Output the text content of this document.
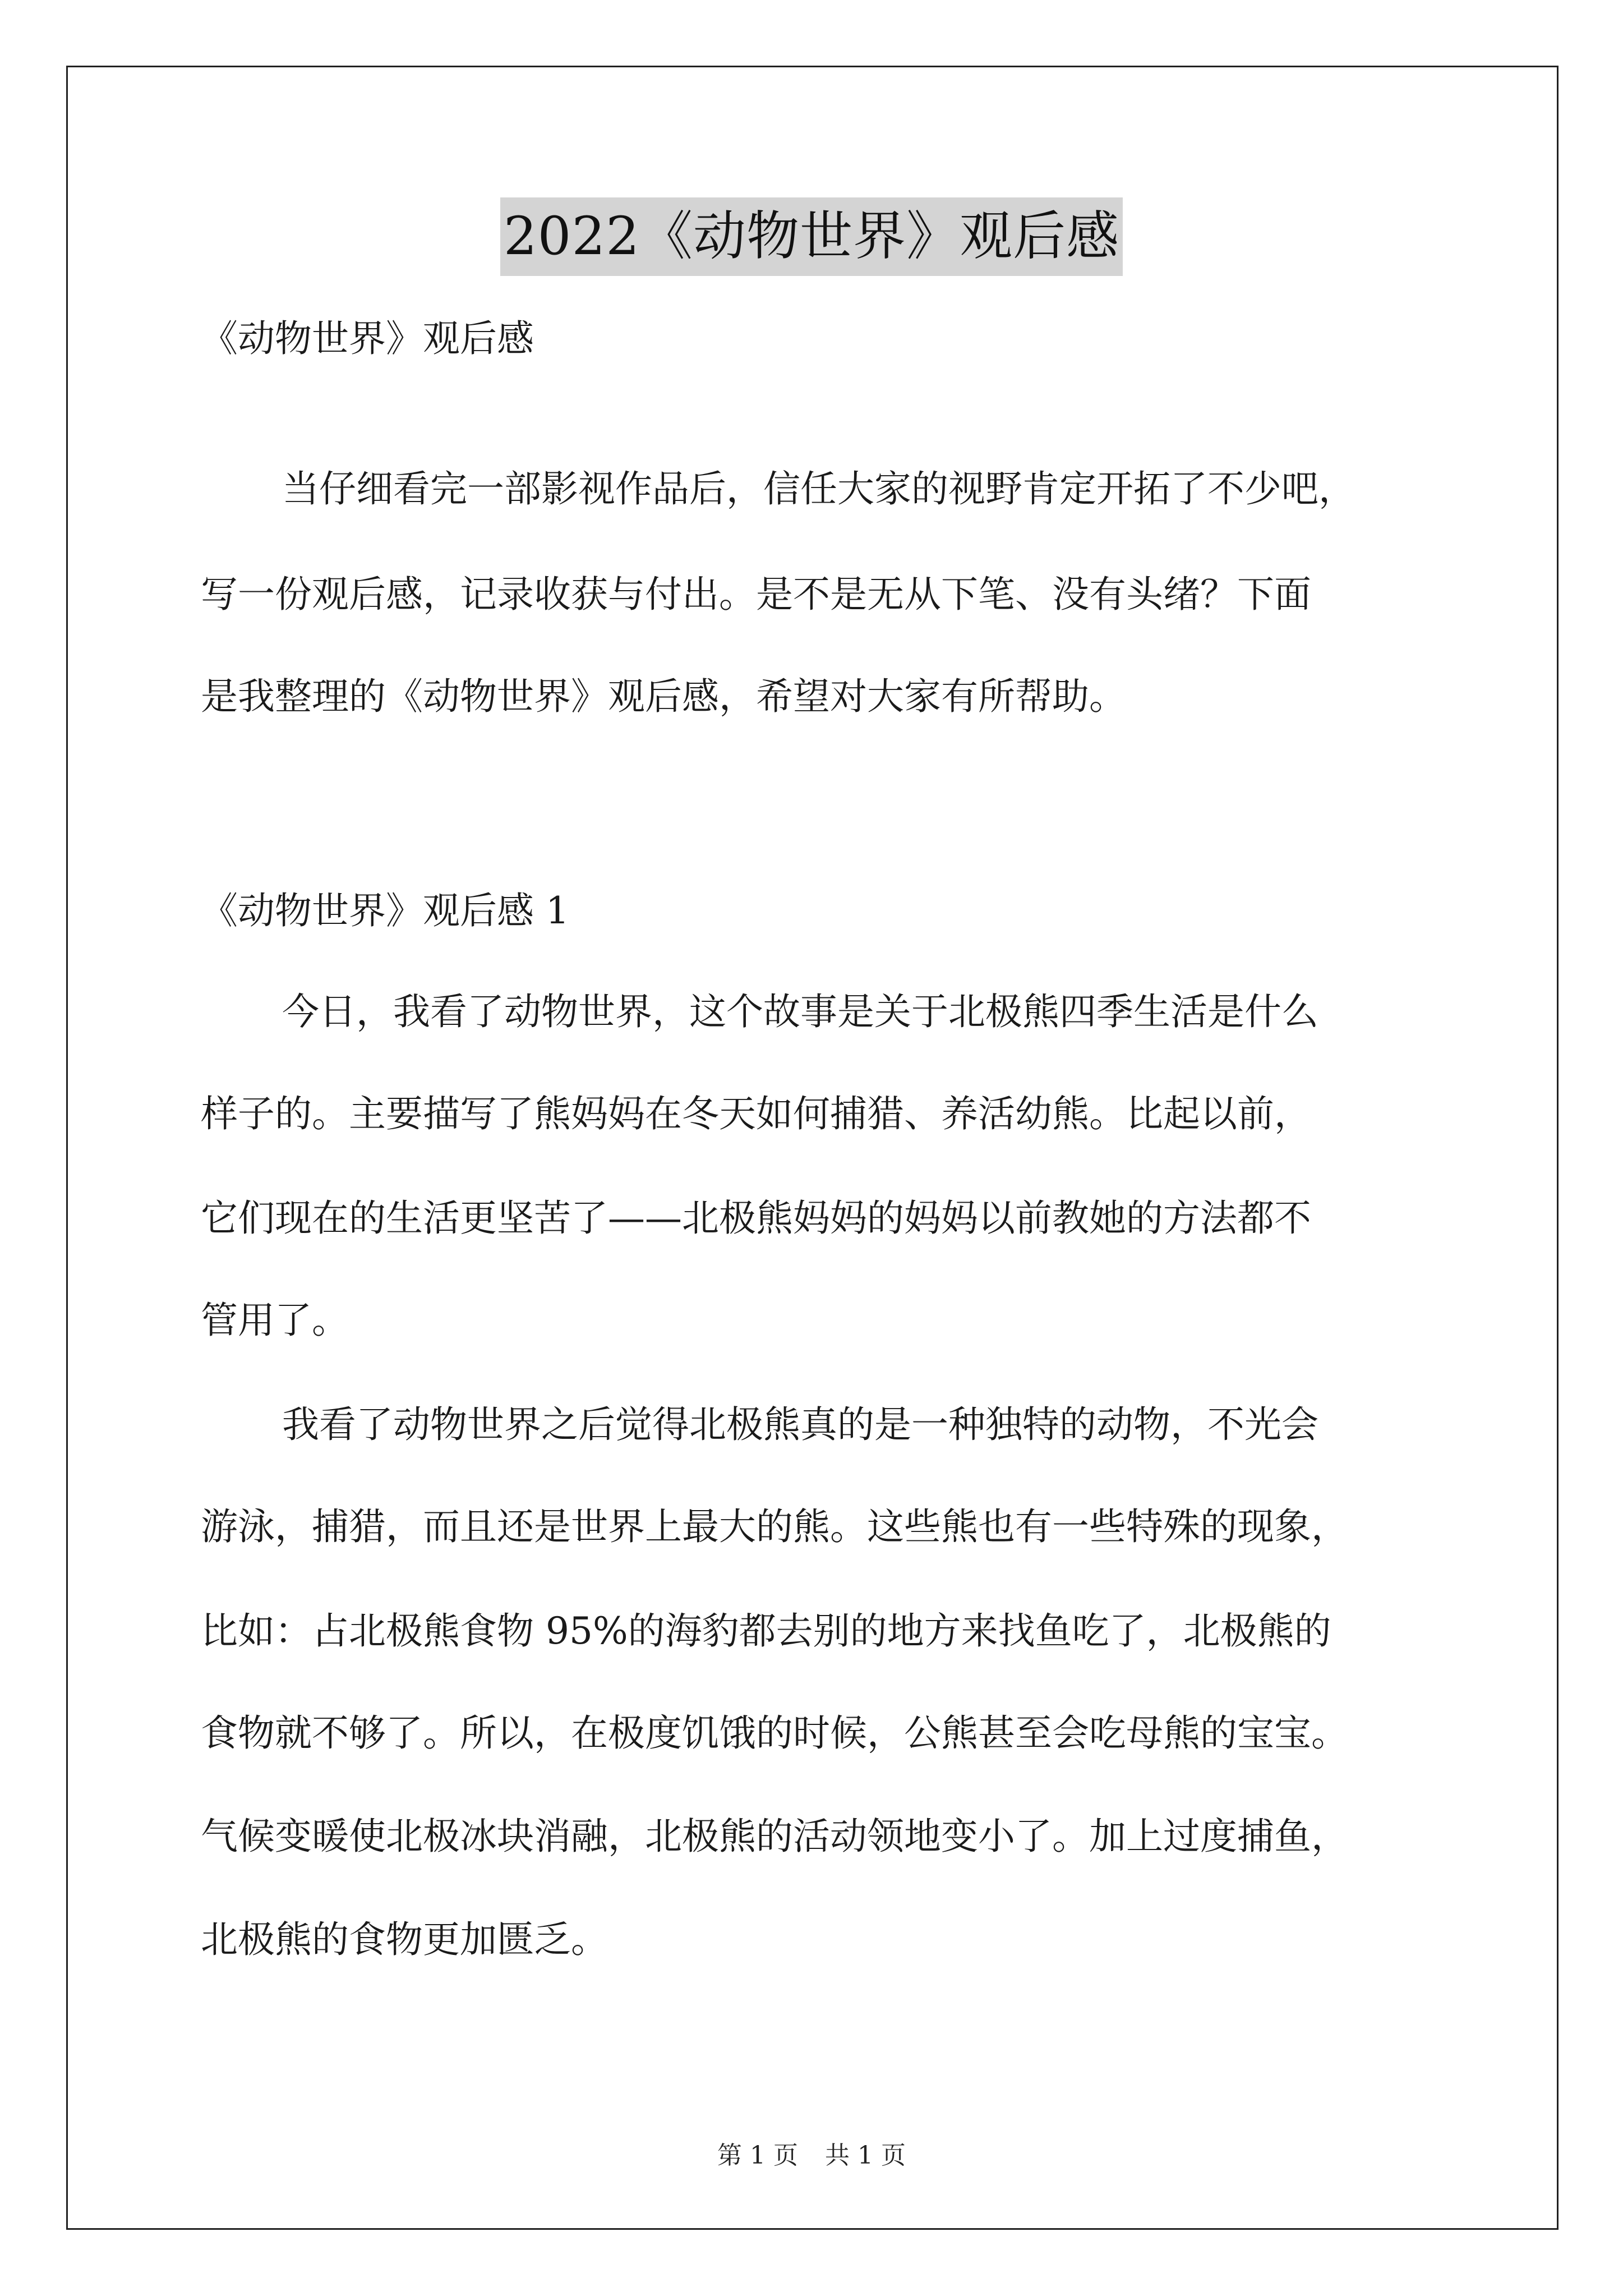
2022《动物世界》观后感
《动物世界》观后感
当仔细看完一部影视作品后，信任大家的视野肯定开拓了不少吧，
写一份观后感，记录收获与付出。是不是无从下笔、没有头绪？下面
是我整理的《动物世界》观后感，希望对大家有所帮助。
《动物世界》观后感 1
今日，我看了动物世界，这个故事是关于北极熊四季生活是什么
样子的。主要描写了熊妈妈在冬天如何捕猎、养活幼熊。比起以前，
它们现在的生活更坚苦了——北极熊妈妈的妈妈以前教她的方法都不
管用了。
我看了动物世界之后觉得北极熊真的是一种独特的动物，不光会
游泳，捕猎，而且还是世界上最大的熊。这些熊也有一些特殊的现象，
比如：占北极熊食物 95%的海豹都去别的地方来找鱼吃了，北极熊的
食物就不够了。所以，在极度饥饿的时候，公熊甚至会吃母熊的宝宝。
气候变暖使北极冰块消融，北极熊的活动领地变小了。加上过度捕鱼，
北极熊的食物更加匮乏。
第 1 页 共 1 页
